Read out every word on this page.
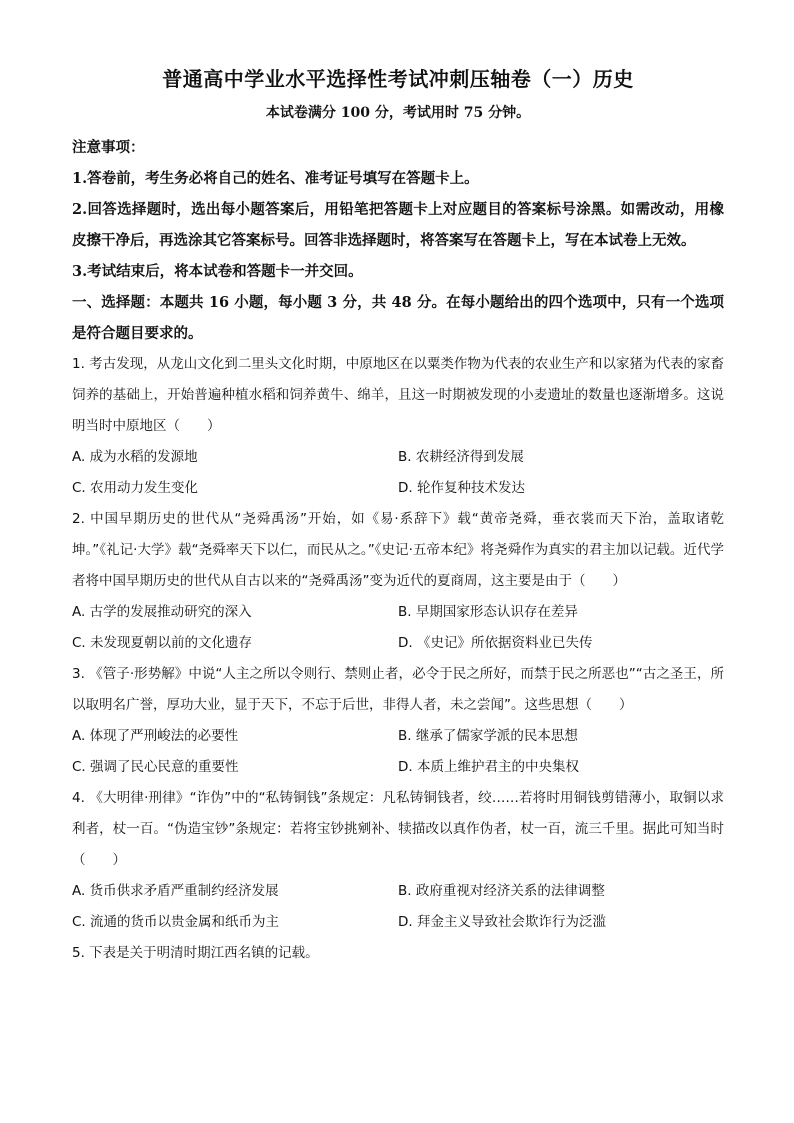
普通高中学业水平选择性考试冲刺压轴卷（一）历史

本试卷满分 100 分，考试用时 75 分钟。

注意事项：

1.答卷前，考生务必将自己的姓名、准考证号填写在答题卡上。

2.回答选择题时，选出每小题答案后，用铅笔把答题卡上对应题目的答案标号涂黑。如需改动，用橡皮擦干净后，再选涂其它答案标号。回答非选择题时，将答案写在答题卡上，写在本试卷上无效。

3.考试结束后，将本试卷和答题卡一并交回。

一、选择题：本题共 16 小题，每小题 3 分，共 48 分。在每小题给出的四个选项中，只有一个选项是符合题目要求的。

1. 考古发现，从龙山文化到二里头文化时期，中原地区在以粟类作物为代表的农业生产和以家猪为代表的家畜饲养的基础上，开始普遍种植水稻和饲养黄牛、绵羊，且这一时期被发现的小麦遗址的数量也逐渐增多。这说明当时中原地区（　　）

A. 成为水稻的发源地	B. 农耕经济得到发展
C. 农用动力发生变化	D. 轮作复种技术发达

2. 中国早期历史的世代从“尧舜禹汤”开始，如《易·系辞下》载“黄帝尧舜，垂衣裳而天下治，盖取诸乾坤。”《礼记·大学》载“尧舜率天下以仁，而民从之。”《史记·五帝本纪》将尧舜作为真实的君主加以记载。近代学者将中国早期历史的世代从自古以来的“尧舜禹汤”变为近代的夏商周，这主要是由于（　　）

A. 古学的发展推动研究的深入	B. 早期国家形态认识存在差异
C. 未发现夏朝以前的文化遗存	D. 《史记》所依据资料业已失传

3. 《管子·形势解》中说“人主之所以令则行、禁则止者，必令于民之所好，而禁于民之所恶也”“古之圣王，所以取明名广誉，厚功大业，显于天下，不忘于后世，非得人者，未之尝闻”。这些思想（　　）

A. 体现了严刑峻法的必要性	B. 继承了儒家学派的民本思想
C. 强调了民心民意的重要性	D. 本质上维护君主的中央集权

4. 《大明律·刑律》“诈伪”中的“私铸铜钱”条规定：凡私铸铜钱者，绞……若将时用铜钱剪错薄小，取铜以求利者，杖一百。“伪造宝钞”条规定：若将宝钞挑剜补、犊描改以真作伪者，杖一百，流三千里。据此可知当时（　　）

A. 货币供求矛盾严重制约经济发展	B. 政府重视对经济关系的法律调整
C. 流通的货币以贵金属和纸币为主	D. 拜金主义导致社会欺诈行为泛滥

5. 下表是关于明清时期江西名镇的记载。
